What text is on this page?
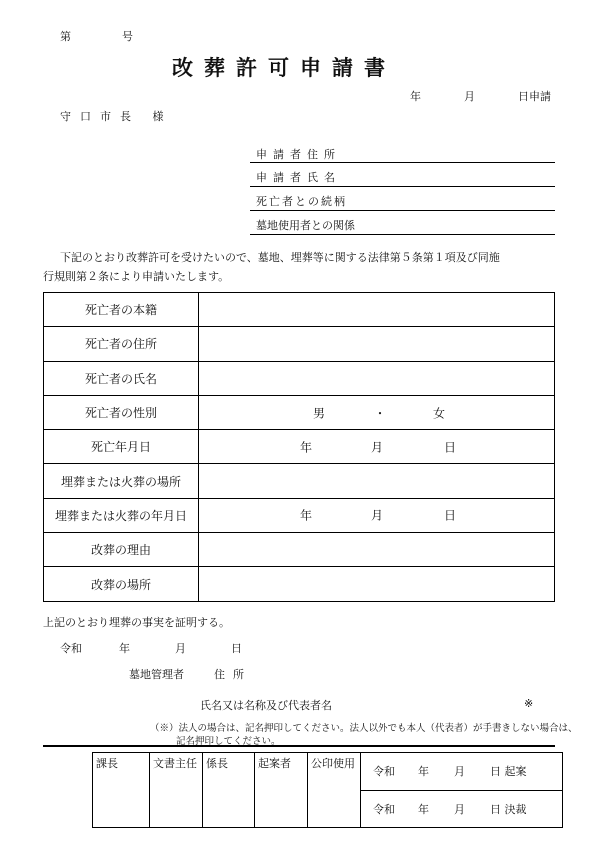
第	号
改葬許可申請書
年	月	日申請
守口市長 様
申請者住所
申請者氏名
死亡者との続柄
墓地使用者との関係
下記のとおり改葬許可を受けたいので、墓地、埋葬等に関する法律第５条第１項及び同施
行規則第２条により申請いたします。
死亡者の本籍	
死亡者の住所	
死亡者の氏名	
死亡者の性別	男 ・ 女

死亡年月日	年 月 日

埋葬または火葬の場所	
埋葬または火葬の年月日	年 月 日

改葬の理由	
改葬の場所	
上記のとおり埋葬の事実を証明する。
令和	年	月	日
墓地管理者	住所
氏名又は名称及び代表者名	※
（※）法人の場合は、記名押印してください。法人以外でも本人（代表者）が手書きしない場合は、
記名押印してください。
課長	文書主任	係長	起案者	公印使用	令和 年 月 日 起案
令和 年 月 日 決裁
